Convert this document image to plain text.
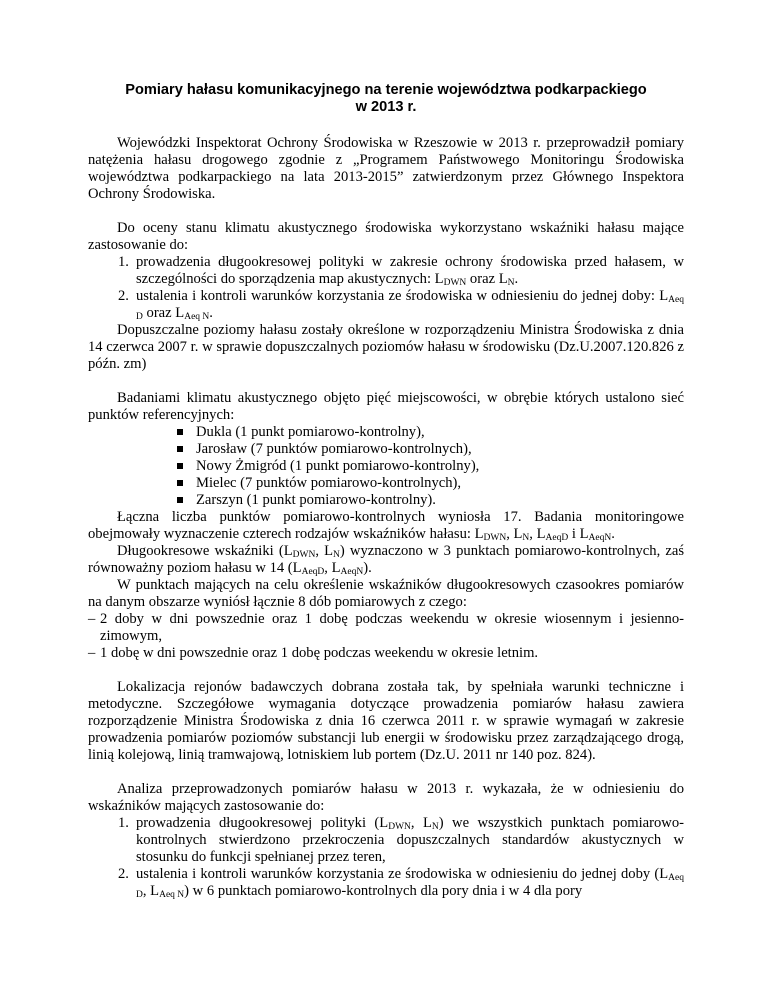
Pomiary hałasu komunikacyjnego na terenie województwa podkarpackiego
w 2013 r.

Wojewódzki Inspektorat Ochrony Środowiska w Rzeszowie w 2013 r. przeprowadził pomiary natężenia hałasu drogowego zgodnie z „Programem Państwowego Monitoringu Środowiska województwa podkarpackiego na lata 2013-2015” zatwierdzonym przez Głównego Inspektora Ochrony Środowiska.

Do oceny stanu klimatu akustycznego środowiska wykorzystano wskaźniki hałasu mające zastosowanie do:

1. prowadzenia długookresowej polityki w zakresie ochrony środowiska przed hałasem, w szczególności do sporządzenia map akustycznych: $L_{DWN}$ oraz $L_N$.
2. ustalenia i kontroli warunków korzystania ze środowiska w odniesieniu do jednej doby: $L_{Aeq D}$ oraz $L_{Aeq N}$.

Dopuszczalne poziomy hałasu zostały określone w rozporządzeniu Ministra Środowiska z dnia 14 czerwca 2007 r. w sprawie dopuszczalnych poziomów hałasu w środowisku (Dz.U.2007.120.826 z późn. zm)

Badaniami klimatu akustycznego objęto pięć miejscowości, w obrębie których ustalono sieć punktów referencyjnych:

Dukla (1 punkt pomiarowo-kontrolny),
Jarosław (7 punktów pomiarowo-kontrolnych),
Nowy Żmigród (1 punkt pomiarowo-kontrolny),
Mielec (7 punktów pomiarowo-kontrolnych),
Zarszyn (1 punkt pomiarowo-kontrolny).

Łączna liczba punktów pomiarowo-kontrolnych wyniosła 17. Badania monitoringowe obejmowały wyznaczenie czterech rodzajów wskaźników hałasu: $L_{DWN}$, $L_N$, $L_{AeqD}$ i $L_{AeqN}$.

Długookresowe wskaźniki ($L_{DWN}$, $L_N$) wyznaczono w 3 punktach pomiarowo-kontrolnych, zaś równoważny poziom hałasu w 14 ($L_{AeqD}$, $L_{AeqN}$).

W punktach mających na celu określenie wskaźników długookresowych czasookres pomiarów na danym obszarze wyniósł łącznie 8 dób pomiarowych z czego:

– 2 doby w dni powszednie oraz 1 dobę podczas weekendu w okresie wiosennym i jesienno-zimowym,
– 1 dobę w dni powszednie oraz 1 dobę podczas weekendu w okresie letnim.

Lokalizacja rejonów badawczych dobrana została tak, by spełniała warunki techniczne i metodyczne. Szczegółowe wymagania dotyczące prowadzenia pomiarów hałasu zawiera rozporządzenie Ministra Środowiska z dnia 16 czerwca 2011 r. w sprawie wymagań w zakresie prowadzenia pomiarów poziomów substancji lub energii w środowisku przez zarządzającego drogą, linią kolejową, linią tramwajową, lotniskiem lub portem (Dz.U. 2011 nr 140 poz. 824).

Analiza przeprowadzonych pomiarów hałasu w 2013 r. wykazała, że w odniesieniu do wskaźników mających zastosowanie do:

1. prowadzenia długookresowej polityki ($L_{DWN}$, $L_N$) we wszystkich punktach pomiarowo-kontrolnych stwierdzono przekroczenia dopuszczalnych standardów akustycznych w stosunku do funkcji spełnianej przez teren,
2. ustalenia i kontroli warunków korzystania ze środowiska w odniesieniu do jednej doby ($L_{Aeq D}$, $L_{Aeq N}$) w 6 punktach pomiarowo-kontrolnych dla pory dnia i w 4 dla pory
